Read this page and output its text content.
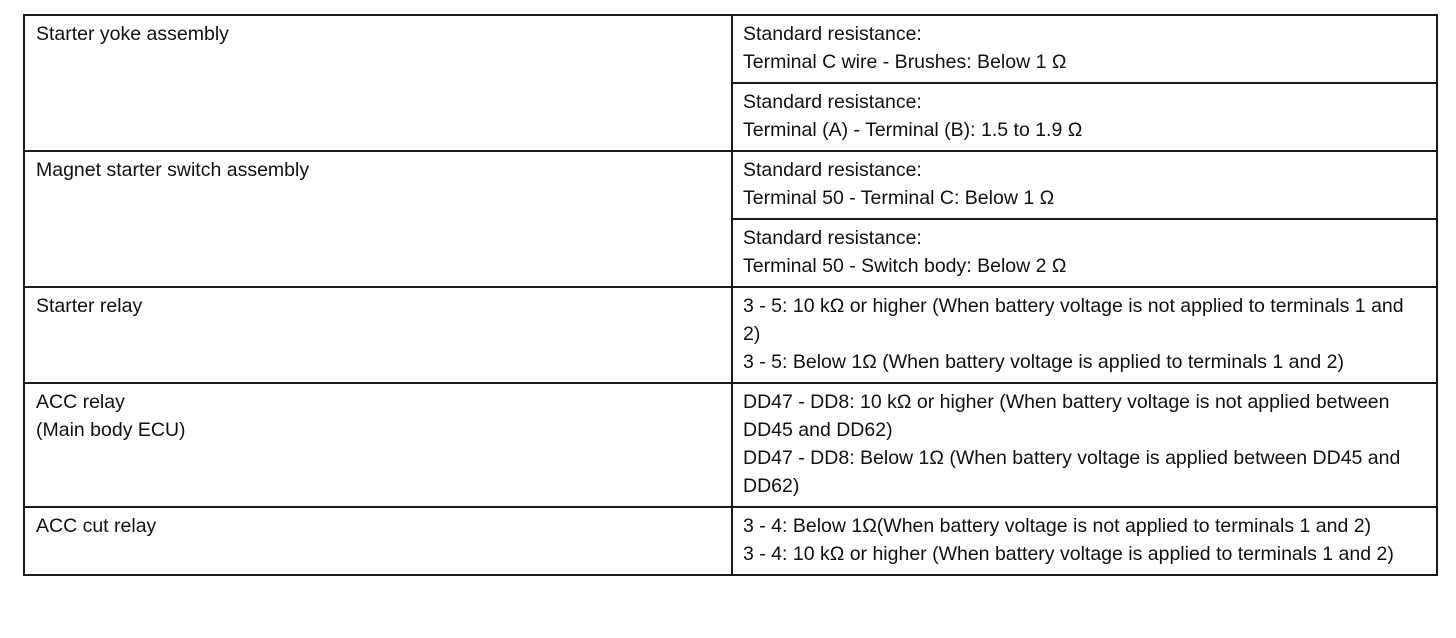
Starter yoke assembly	Standard resistance:
Terminal C wire - Brushes: Below 1 Ω

	Standard resistance:
Terminal (A) - Terminal (B): 1.5 to 1.9 Ω

Magnet starter switch assembly	Standard resistance:
Terminal 50 - Terminal C: Below 1 Ω

	Standard resistance:
Terminal 50 - Switch body: Below 2 Ω

Starter relay	3 - 5: 10 kΩ or higher (When battery voltage is not applied to terminals 1 and 2)
3 - 5: Below 1Ω (When battery voltage is applied to terminals 1 and 2)

ACC relay
(Main body ECU)	DD47 - DD8: 10 kΩ or higher (When battery voltage is not applied between DD45 and DD62)
DD47 - DD8: Below 1Ω (When battery voltage is applied between DD45 and DD62)

ACC cut relay	3 - 4: Below 1Ω(When battery voltage is not applied to terminals 1 and 2)
3 - 4: 10 kΩ or higher (When battery voltage is applied to terminals 1 and 2)
